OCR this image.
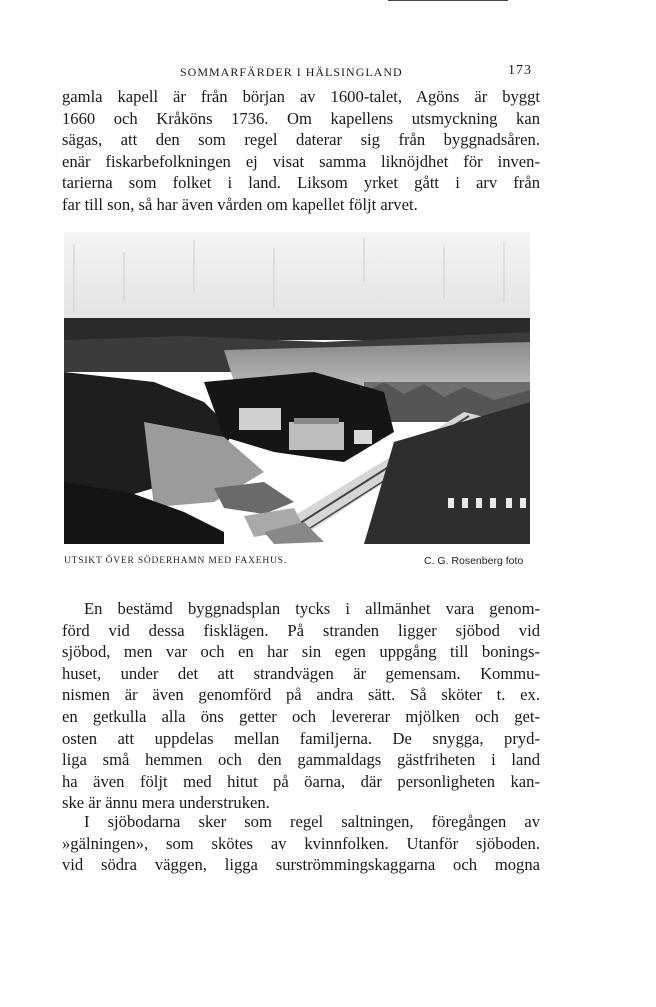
SOMMARFÄRDER I HÄLSINGLAND	173
gamla kapell är från början av 1600-talet, Agöns är byggt
1660 och Kråköns 1736. Om kapellens utsmyckning kan
sägas, att den som regel daterar sig från byggnadsåren.
enär fiskarbefolkningen ej visat samma liknöjdhet för inven-
tarierna som folket i land. Liksom yrket gått i arv från
far till son, så har även vården om kapellet följt arvet.
UTSIKT ÖVER SÖDERHAMN MED FAXEHUS.	C. G. Rosenberg foto
En bestämd byggnadsplan tycks i allmänhet vara genom-
förd vid dessa fisklägen. På stranden ligger sjöbod vid
sjöbod, men var och en har sin egen uppgång till bonings-
huset, under det att strandvägen är gemensam. Kommu-
nismen är även genomförd på andra sätt. Så sköter t. ex.
en getkulla alla öns getter och levererar mjölken och get-
osten att uppdelas mellan familjerna. De snygga, pryd-
liga små hemmen och den gammaldags gästfriheten i land
ha även följt med hitut på öarna, där personligheten kan-
ske är ännu mera understruken.
I sjöbodarna sker som regel saltningen, föregången av
»gälningen», som skötes av kvinnfolken. Utanför sjöboden.
vid södra väggen, ligga surströmmingskaggarna och mogna
